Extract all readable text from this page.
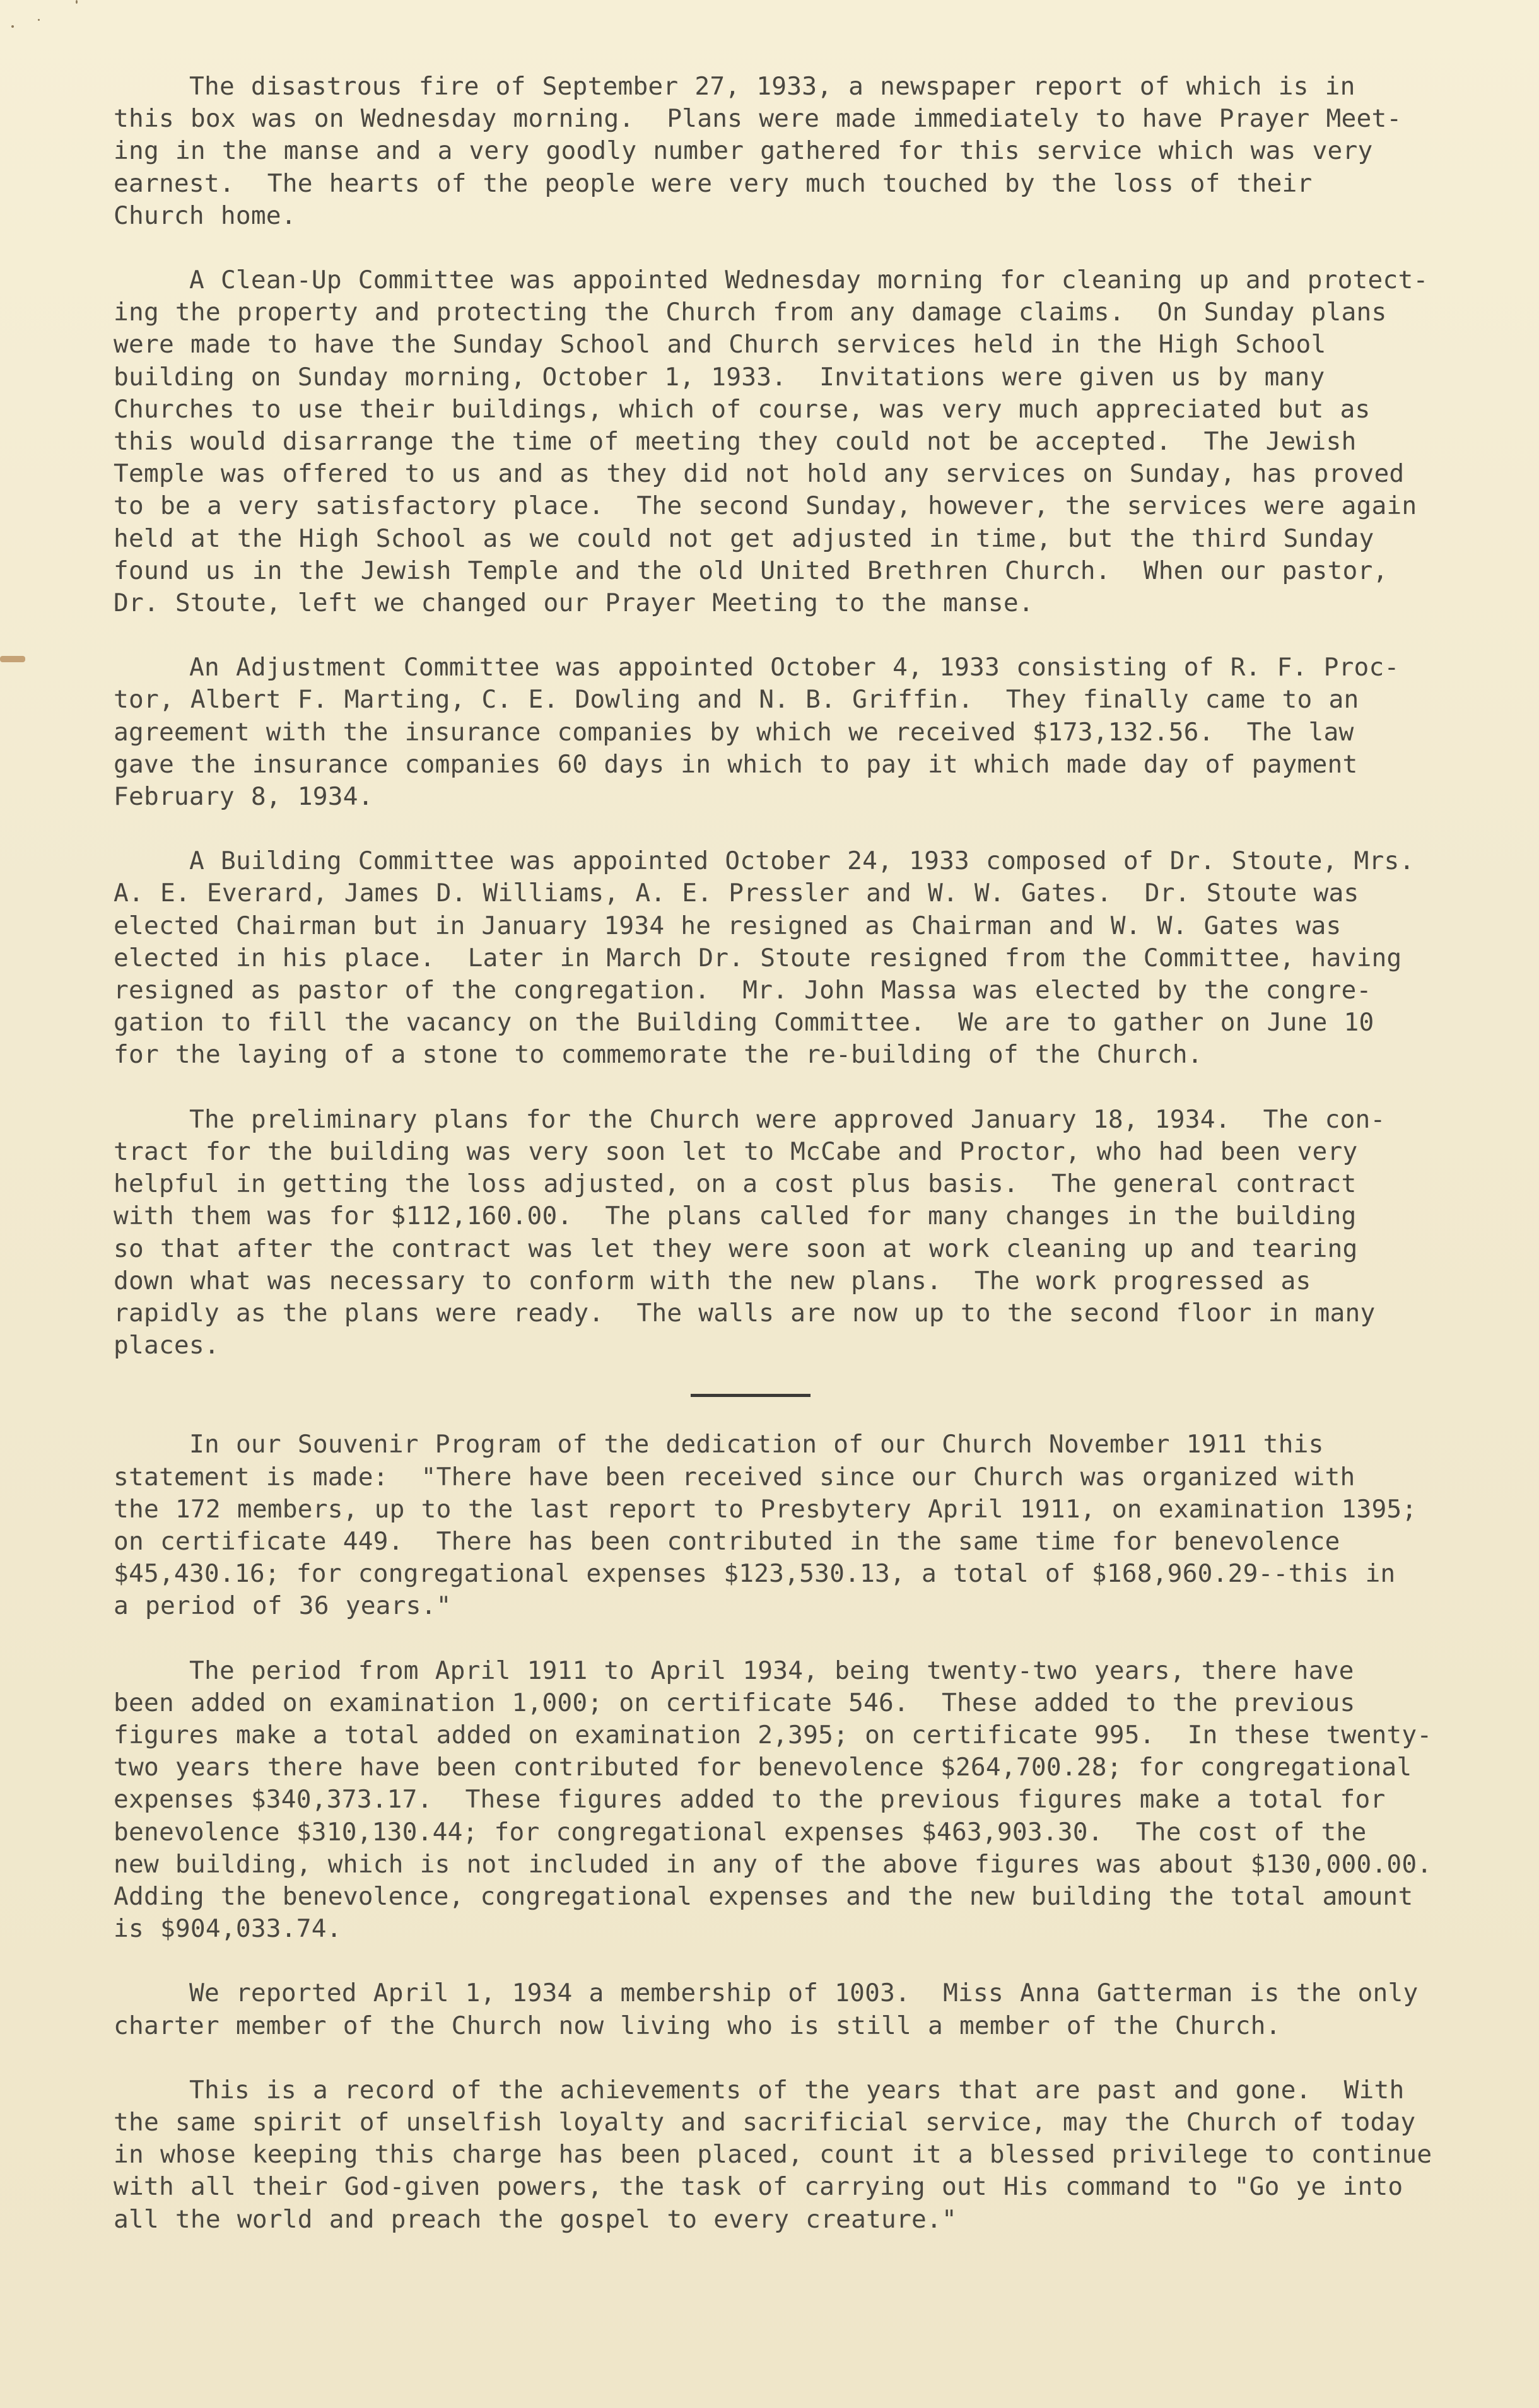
The disastrous fire of September 27, 1933, a newspaper report of which is in
this box was on Wednesday morning.  Plans were made immediately to have Prayer Meet-
ing in the manse and a very goodly number gathered for this service which was very
earnest.  The hearts of the people were very much touched by the loss of their
Church home.
A Clean-Up Committee was appointed Wednesday morning for cleaning up and protect-
ing the property and protecting the Church from any damage claims.  On Sunday plans
were made to have the Sunday School and Church services held in the High School
building on Sunday morning, October 1, 1933.  Invitations were given us by many
Churches to use their buildings, which of course, was very much appreciated but as
this would disarrange the time of meeting they could not be accepted.  The Jewish
Temple was offered to us and as they did not hold any services on Sunday, has proved
to be a very satisfactory place.  The second Sunday, however, the services were again
held at the High School as we could not get adjusted in time, but the third Sunday
found us in the Jewish Temple and the old United Brethren Church.  When our pastor,
Dr. Stoute, left we changed our Prayer Meeting to the manse.
An Adjustment Committee was appointed October 4, 1933 consisting of R. F. Proc-
tor, Albert F. Marting, C. E. Dowling and N. B. Griffin.  They finally came to an
agreement with the insurance companies by which we received $173,132.56.  The law
gave the insurance companies 60 days in which to pay it which made day of payment
February 8, 1934.
A Building Committee was appointed October 24, 1933 composed of Dr. Stoute, Mrs.
A. E. Everard, James D. Williams, A. E. Pressler and W. W. Gates.  Dr. Stoute was
elected Chairman but in January 1934 he resigned as Chairman and W. W. Gates was
elected in his place.  Later in March Dr. Stoute resigned from the Committee, having
resigned as pastor of the congregation.  Mr. John Massa was elected by the congre-
gation to fill the vacancy on the Building Committee.  We are to gather on June 10
for the laying of a stone to commemorate the re-building of the Church.
The preliminary plans for the Church were approved January 18, 1934.  The con-
tract for the building was very soon let to McCabe and Proctor, who had been very
helpful in getting the loss adjusted, on a cost plus basis.  The general contract
with them was for $112,160.00.  The plans called for many changes in the building
so that after the contract was let they were soon at work cleaning up and tearing
down what was necessary to conform with the new plans.  The work progressed as
rapidly as the plans were ready.  The walls are now up to the second floor in many
places.
In our Souvenir Program of the dedication of our Church November 1911 this
statement is made:  "There have been received since our Church was organized with
the 172 members, up to the last report to Presbytery April 1911, on examination 1395;
on certificate 449.  There has been contributed in the same time for benevolence
$45,430.16; for congregational expenses $123,530.13, a total of $168,960.29--this in
a period of 36 years."
The period from April 1911 to April 1934, being twenty-two years, there have
been added on examination 1,000; on certificate 546.  These added to the previous
figures make a total added on examination 2,395; on certificate 995.  In these twenty-
two years there have been contributed for benevolence $264,700.28; for congregational
expenses $340,373.17.  These figures added to the previous figures make a total for
benevolence $310,130.44; for congregational expenses $463,903.30.  The cost of the
new building, which is not included in any of the above figures was about $130,000.00.
Adding the benevolence, congregational expenses and the new building the total amount
is $904,033.74.
We reported April 1, 1934 a membership of 1003.  Miss Anna Gatterman is the only
charter member of the Church now living who is still a member of the Church.
This is a record of the achievements of the years that are past and gone.  With
the same spirit of unselfish loyalty and sacrificial service, may the Church of today
in whose keeping this charge has been placed, count it a blessed privilege to continue
with all their God-given powers, the task of carrying out His command to "Go ye into
all the world and preach the gospel to every creature."
